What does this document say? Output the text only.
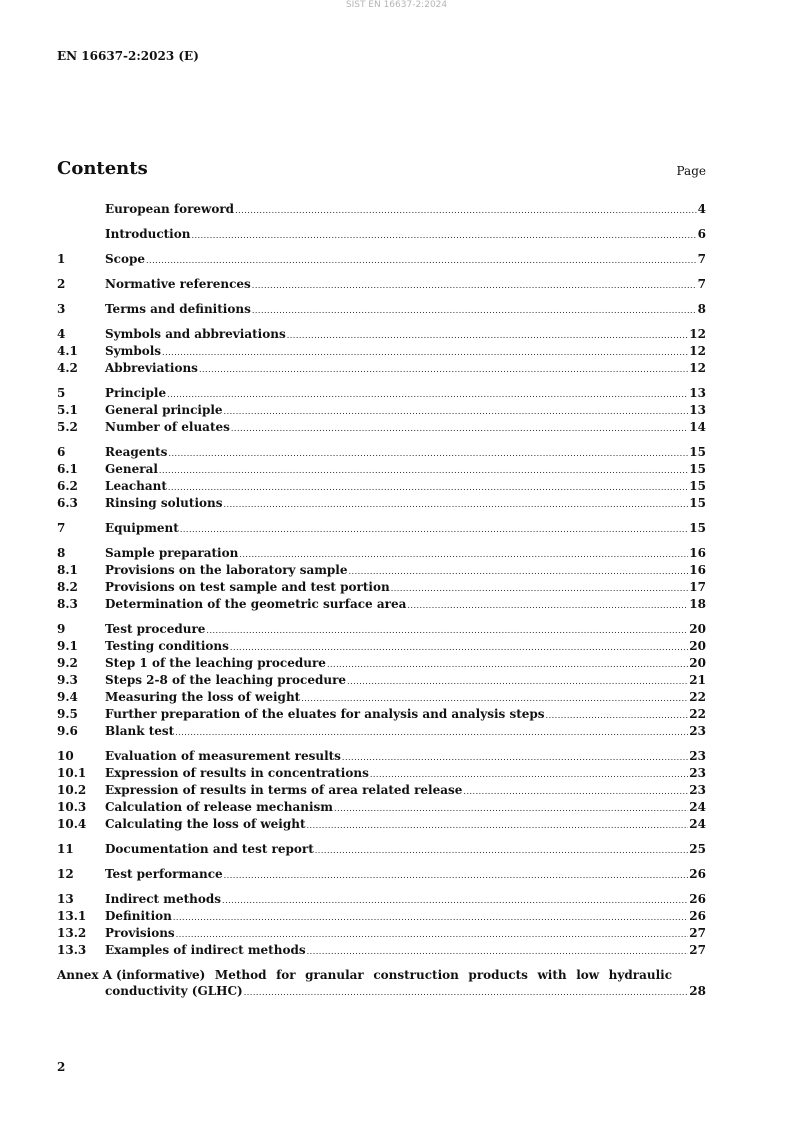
SIST EN 16637-2:2024
EN 16637-2:2023 (E)
Contents	Page
European foreword .....	4
Introduction .....	6
1	Scope .....	7
2	Normative references .....	7
3	Terms and definitions .....	8
4	Symbols and abbreviations .....	12
4.1	Symbols .....	12
4.2	Abbreviations .....	12
5	Principle .....	13
5.1	General principle .....	13
5.2	Number of eluates .....	14
6	Reagents .....	15
6.1	General .....	15
6.2	Leachant .....	15
6.3	Rinsing solutions .....	15
7	Equipment .....	15
8	Sample preparation .....	16
8.1	Provisions on the laboratory sample .....	16
8.2	Provisions on test sample and test portion .....	17
8.3	Determination of the geometric surface area .....	18
9	Test procedure .....	20
9.1	Testing conditions .....	20
9.2	Step 1 of the leaching procedure .....	20
9.3	Steps 2-8 of the leaching procedure .....	21
9.4	Measuring the loss of weight .....	22
9.5	Further preparation of the eluates for analysis and analysis steps .....	22
9.6	Blank test .....	23
10	Evaluation of measurement results .....	23
10.1	Expression of results in concentrations .....	23
10.2	Expression of results in terms of area related release .....	23
10.3	Calculation of release mechanism .....	24
10.4	Calculating the loss of weight .....	24
11	Documentation and test report .....	25
12	Test performance .....	26
13	Indirect methods .....	26
13.1	Definition .....	26
13.2	Provisions .....	27
13.3	Examples of indirect methods .....	27
Annex A (informative) Method for granular construction products with low hydraulic
conductivity (GLHC) .....	28
2
